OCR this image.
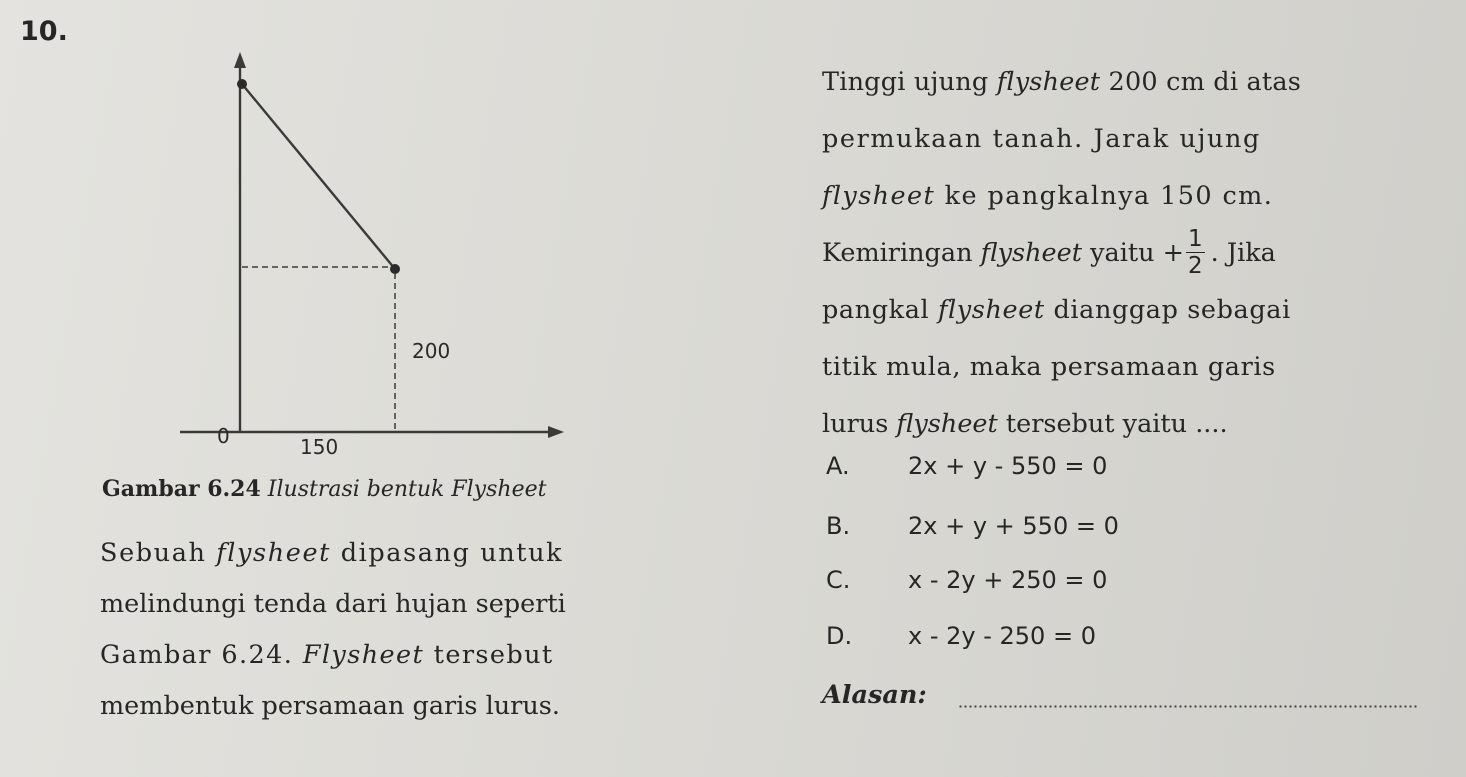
10.
200
0	150
Gambar 6.24 Ilustrasi bentuk Flysheet
Sebuah flysheet dipasang untuk
melindungi tenda dari hujan seperti
Gambar 6.24. Flysheet tersebut
membentuk persamaan garis lurus.
Tinggi ujung flysheet 200 cm di atas
permukaan tanah. Jarak ujung
flysheet ke pangkalnya 150 cm.
Kemiringan flysheet yaitu + $\frac{1}{2}$ . Jika
pangkal flysheet dianggap sebagai
titik mula, maka persamaan garis
lurus flysheet tersebut yaitu ....
A. 2x + y - 550 = 0
B. 2x + y + 550 = 0
C. x - 2y + 250 = 0
D. x - 2y - 250 = 0
Alasan:
